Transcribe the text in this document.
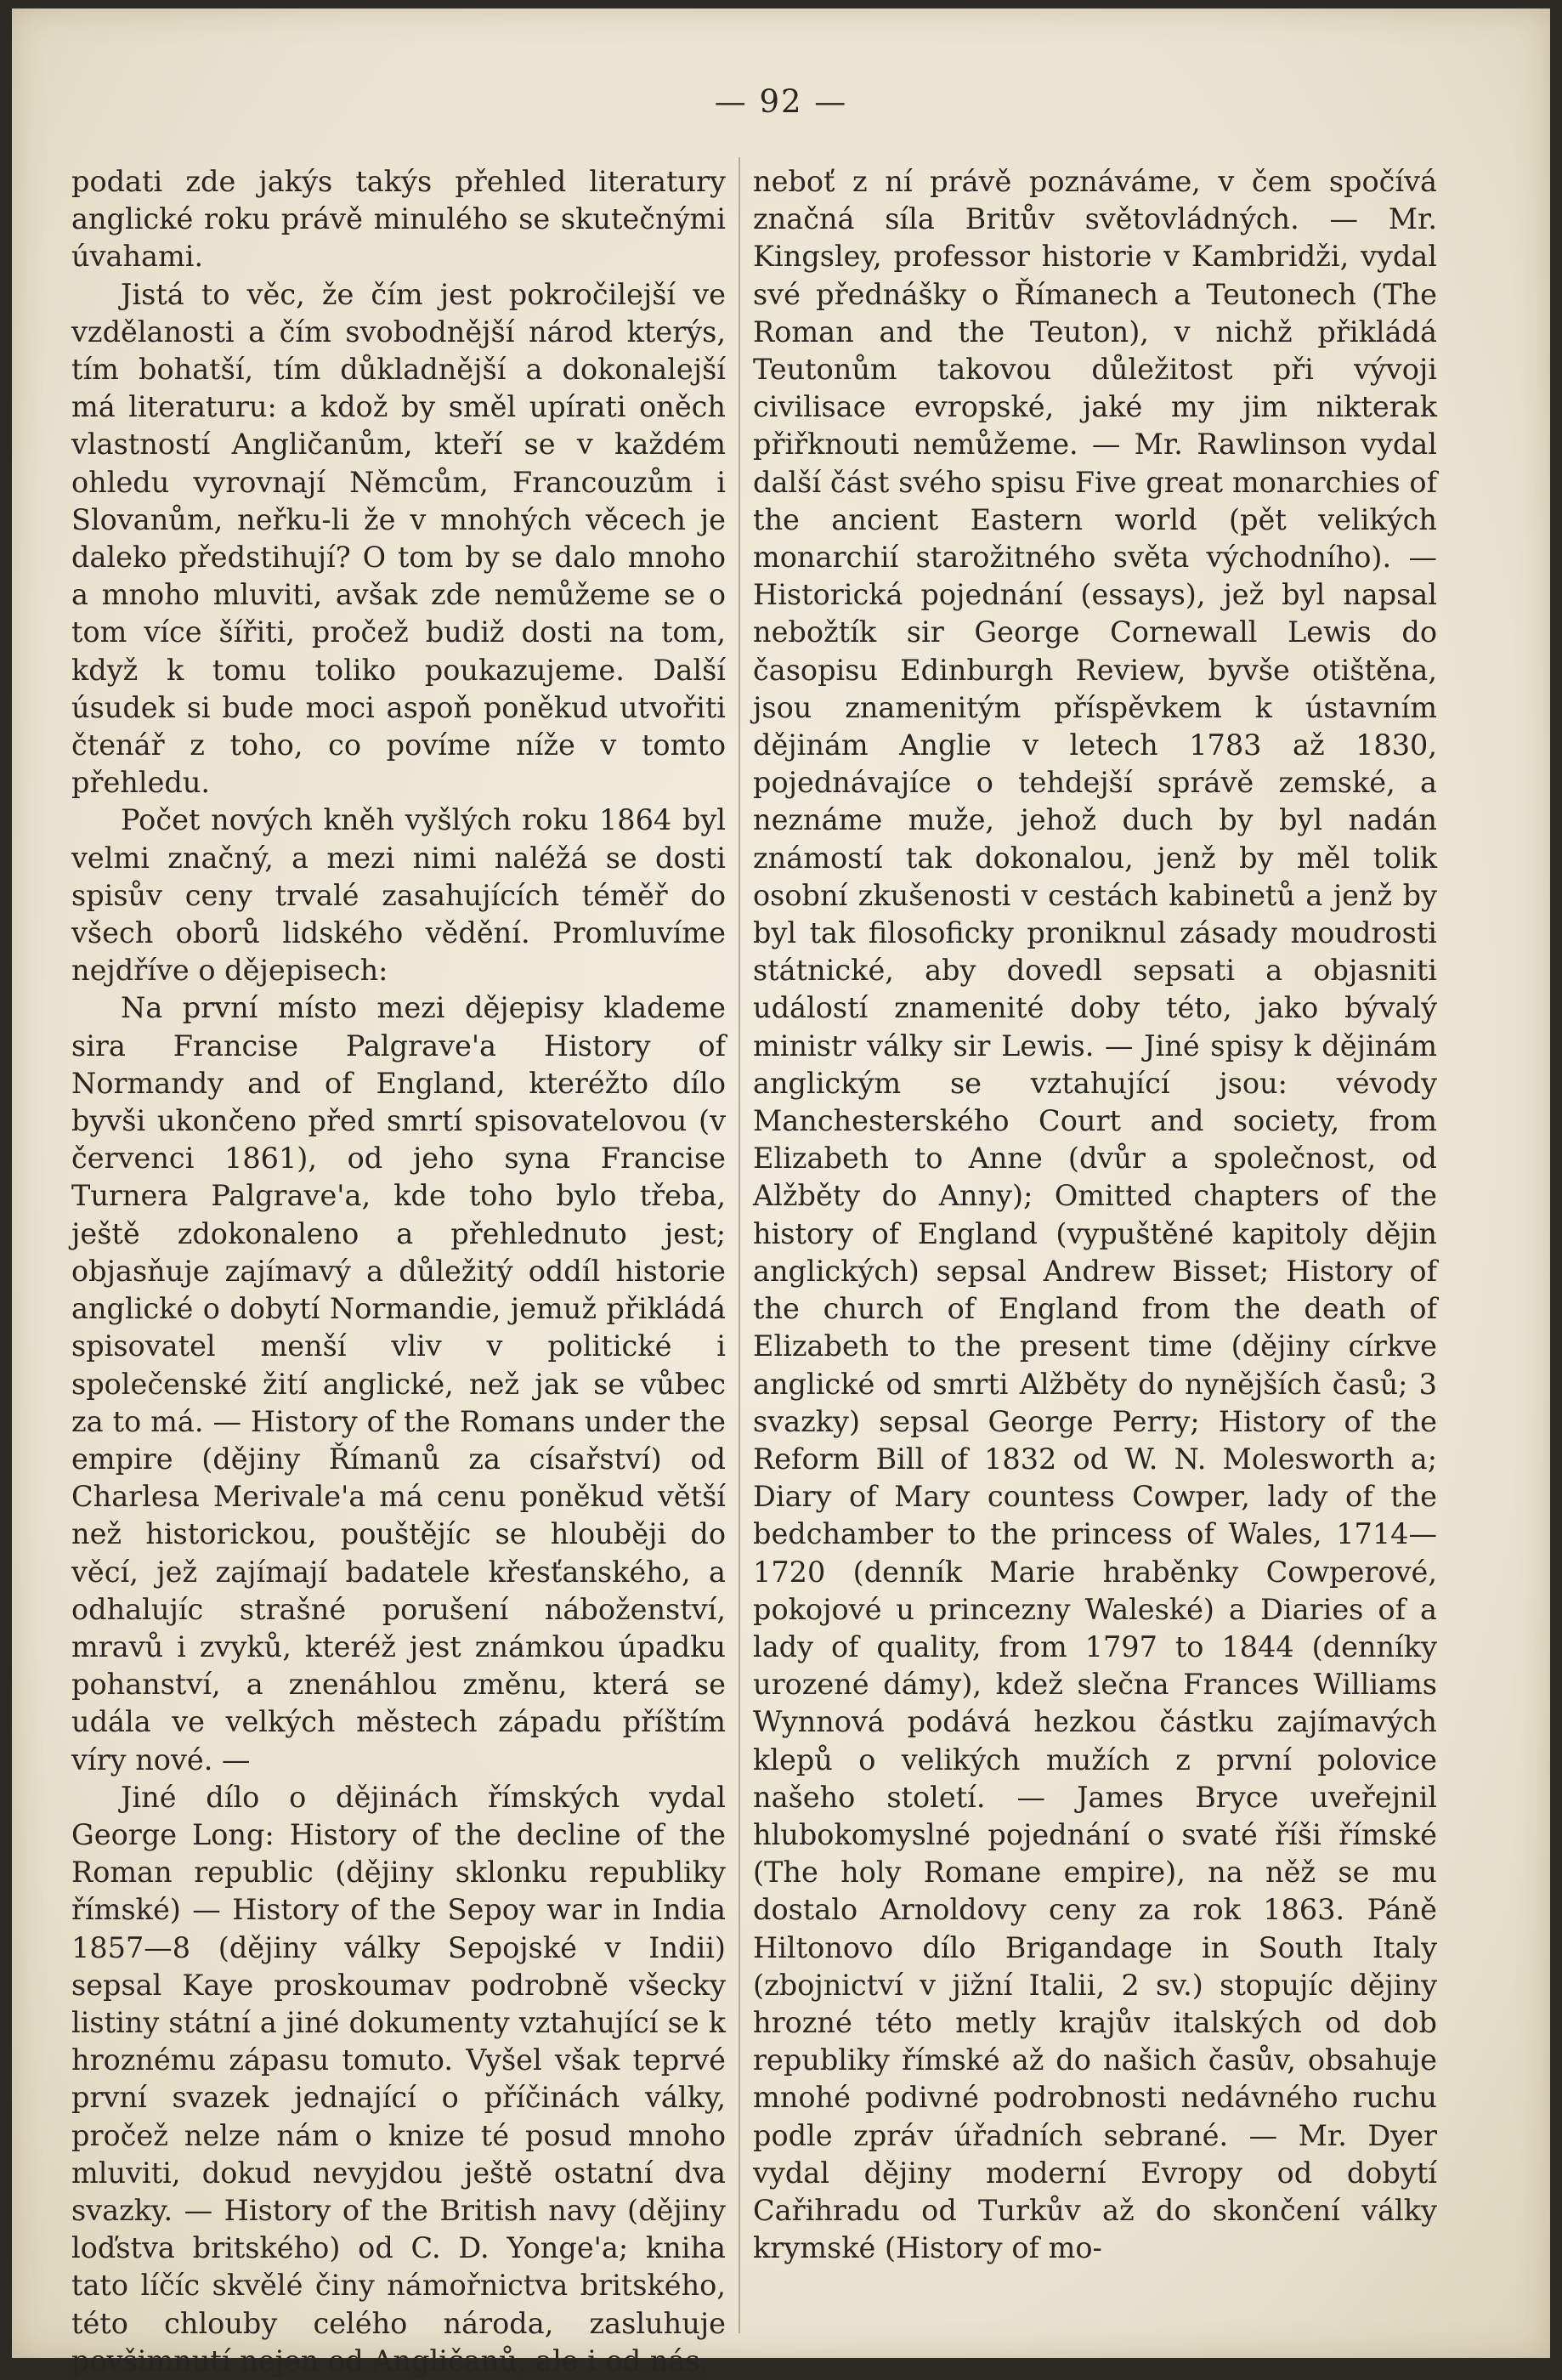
— 92 —

podati zde jakýs takýs přehled literatury anglické roku právě minulého se skutečnými úvahami.

Jistá to věc, že čím jest pokročilejší ve vzdělanosti a čím svobodnější národ kterýs, tím bohatší, tím důkladnější a dokonalejší má literaturu: a kdož by směl upírati oněch vlastností Angličanům, kteří se v každém ohledu vyrovnají Němcům, Francouzům i Slovanům, neřku-li že v mnohých věcech je daleko předstihují? O tom by se dalo mnoho a mnoho mluviti, avšak zde nemůžeme se o tom více šířiti, pročež budiž dosti na tom, když k tomu toliko poukazujeme. Další úsudek si bude moci aspoň poněkud utvořiti čtenář z toho, co povíme níže v tomto přehledu.

Počet nových kněh vyšlých roku 1864 byl velmi značný, a mezi nimi naléžá se dosti spisův ceny trvalé zasahujících téměř do všech oborů lidského vědění. Promluvíme nejdříve o dějepisech:

Na první místo mezi dějepisy klademe sira Francise Palgrave'a History of Normandy and of England, kteréžto dílo byvši ukončeno před smrtí spisovatelovou (v červenci 1861), od jeho syna Francise Turnera Palgrave'a, kde toho bylo třeba, ještě zdokonaleno a přehlednuto jest; objasňuje zajímavý a důležitý oddíl historie anglické o dobytí Normandie, jemuž přikládá spisovatel menší vliv v politické i společenské žití anglické, než jak se vůbec za to má. — History of the Romans under the empire (dějiny Římanů za císařství) od Charlesa Merivale'a má cenu poněkud větší než historickou, pouštějíc se hlouběji do věcí, jež zajímají badatele křesťanského, a odhalujíc strašné porušení náboženství, mravů i zvyků, kteréž jest známkou úpadku pohanství, a znenáhlou změnu, která se udála ve velkých městech západu příštím víry nové. —

Jiné dílo o dějinách římských vydal George Long: History of the decline of the Roman republic (dějiny sklonku republiky římské) — History of the Sepoy war in India 1857—8 (dějiny války Sepojské v Indii) sepsal Kaye proskoumav podrobně všecky listiny státní a jiné dokumenty vztahující se k hroznému zápasu tomuto. Vyšel však teprvé první svazek jednající o příčinách války, pročež nelze nám o knize té posud mnoho mluviti, dokud nevyjdou ještě ostatní dva svazky. — History of the British navy (dějiny loďstva britského) od C. D. Yonge'a; kniha tato líčíc skvělé činy námořnictva britského, této chlouby celého národa, zasluhuje povšimnutí nejen od Angličanů, ale i od nás,

neboť z ní právě poznáváme, v čem spočívá značná síla Britův světovládných. — Mr. Kingsley, professor historie v Kambridži, vydal své přednášky o Římanech a Teutonech (The Roman and the Teuton), v nichž přikládá Teutonům takovou důležitost při vývoji civilisace evropské, jaké my jim nikterak přiřknouti nemůžeme. — Mr. Rawlinson vydal další část svého spisu Five great monarchies of the ancient Eastern world (pět velikých monarchií starožitného světa východního). — Historická pojednání (essays), jež byl napsal nebožtík sir George Cornewall Lewis do časopisu Edinburgh Review, byvše otištěna, jsou znamenitým příspěvkem k ústavním dějinám Anglie v letech 1783 až 1830, pojednávajíce o tehdejší správě zemské, a neznáme muže, jehož duch by byl nadán známostí tak dokonalou, jenž by měl tolik osobní zkušenosti v cestách kabinetů a jenž by byl tak filosoficky proniknul zásady moudrosti státnické, aby dovedl sepsati a objasniti událostí znamenité doby této, jako bývalý ministr války sir Lewis. — Jiné spisy k dějinám anglickým se vztahující jsou: vévody Manchesterského Court and society, from Elizabeth to Anne (dvůr a společnost, od Alžběty do Anny); Omitted chapters of the history of England (vypuštěné kapitoly dějin anglických) sepsal Andrew Bisset; History of the church of England from the death of Elizabeth to the present time (dějiny církve anglické od smrti Alžběty do nynějších časů; 3 svazky) sepsal George Perry; History of the Reform Bill of 1832 od W. N. Molesworth a; Diary of Mary countess Cowper, lady of the bedchamber to the princess of Wales, 1714—1720 (denník Marie hraběnky Cowperové, pokojové u princezny Waleské) a Diaries of a lady of quality, from 1797 to 1844 (denníky urozené dámy), kdež slečna Frances Williams Wynnová podává hezkou částku zajímavých klepů o velikých mužích z první polovice našeho století. — James Bryce uveřejnil hlubokomyslné pojednání o svaté říši římské (The holy Romane empire), na něž se mu dostalo Arnoldovy ceny za rok 1863. Páně Hiltonovo dílo Brigandage in South Italy (zbojnictví v jižní Italii, 2 sv.) stopujíc dějiny hrozné této metly krajův italských od dob republiky římské až do našich časův, obsahuje mnohé podivné podrobnosti nedávného ruchu podle zpráv úřadních sebrané. — Mr. Dyer vydal dějiny moderní Evropy od dobytí Cařihradu od Turkův až do skončení války krymské (History of mo-
